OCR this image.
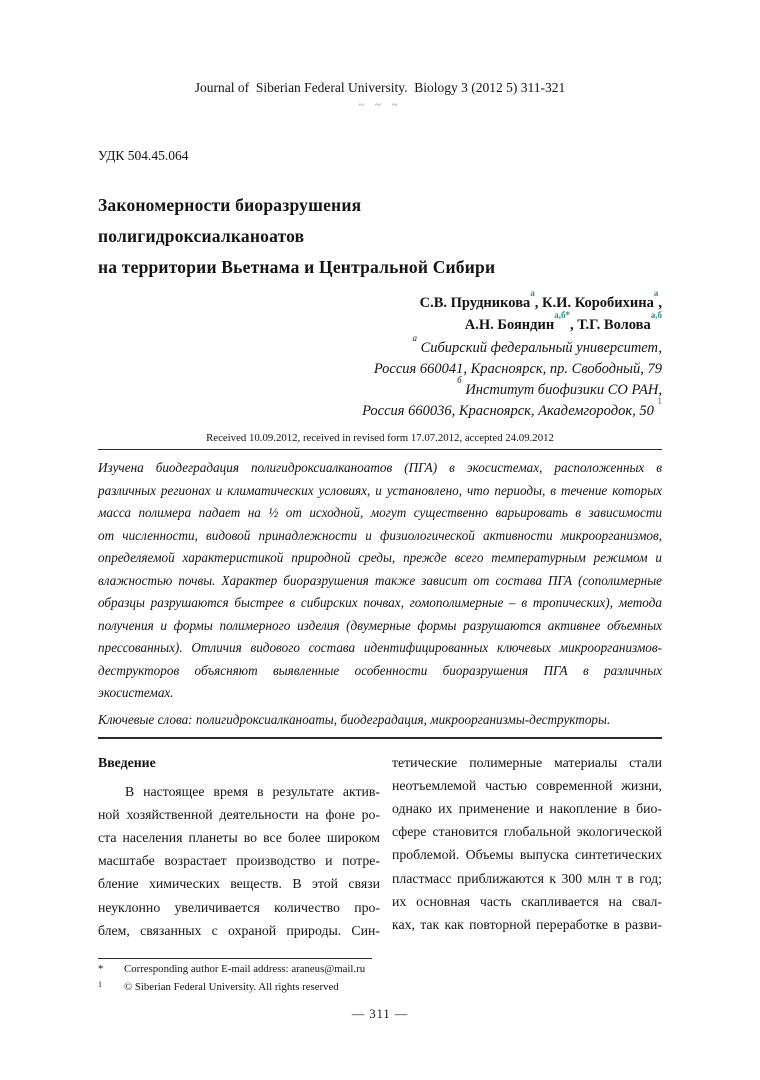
Journal of  Siberian Federal University.  Biology 3 (2012 5) 311-321
~ ~ ~
УДК 504.45.064
Закономерности биоразрушения
полигидроксиалканоатов
на территории Вьетнама и Центральной Сибири
С.В. Прудникова$^а$, К.И. Коробихина$^а$,
А.Н. Бояндин$^{а,б*}$, Т.Г. Волова$^{а,б}$
$^а$ Сибирский федеральный университет,
Россия 660041, Красноярск, пр. Свободный, 79
$^б$ Институт биофизики СО РАН,
Россия 660036, Красноярск, Академгородок, 50 $^1$
Received 10.09.2012, received in revised form 17.07.2012, accepted 24.09.2012
Изучена биодеградация полигидроксиалканоатов (ПГА) в экосистемах, расположенных в
различных регионах и климатических условиях, и установлено, что периоды, в течение которых
масса полимера падает на ½ от исходной, могут существенно варьировать в зависимости
от численности, видовой принадлежности и физиологической активности микроорганизмов,
определяемой характеристикой природной среды, прежде всего температурным режимом и
влажностью почвы. Характер биоразрушения также зависит от состава ПГА (сополимерные
образцы разрушаются быстрее в сибирских почвах, гомополимерные – в тропических), метода
получения и формы полимерного изделия (двумерные формы разрушаются активнее объемных
прессованных). Отличия видового состава идентифицированных ключевых микроорганизмов-
деструкторов объясняют выявленные особенности биоразрушения ПГА в различных
экосистемах.
Ключевые слова: полигидроксиалканоаты, биодеградация, микроорганизмы-деструкторы.
Введение
В настоящее время в результате актив-
ной хозяйственной деятельности на фоне ро-
ста населения планеты во все более широком
масштабе возрастает производство и потре-
бление химических веществ. В этой связи
неуклонно увеличивается количество про-
блем, связанных с охраной природы. Син-
тетические полимерные материалы стали
неотъемлемой частью современной жизни,
однако их применение и накопление в био-
сфере становится глобальной экологической
проблемой. Объемы выпуска синтетических
пластмасс приближаются к 300 млн т в год;
их основная часть скапливается на свал-
ках, так как повторной переработке в разви-
*	Corresponding author E-mail address: araneus@mail.ru
1	© Siberian Federal University. All rights reserved
— 311 —
